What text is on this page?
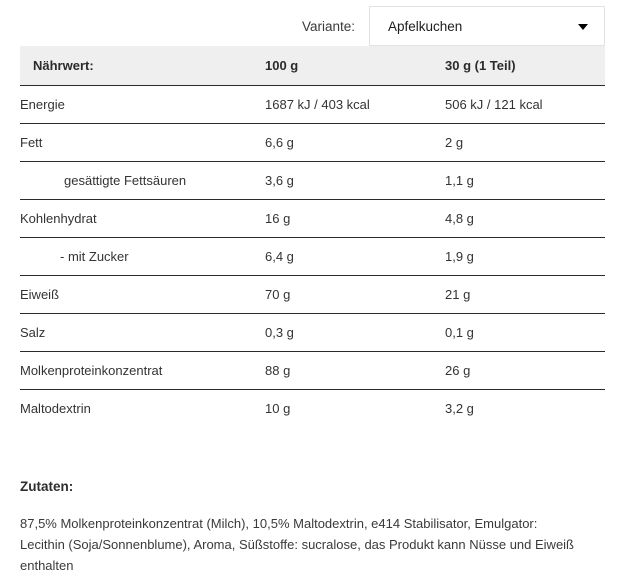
Variante:	Apfelkuchen
Nährwert:	100 g	30 g (1 Teil)
Energie	1687 kJ / 403 kcal	506 kJ / 121 kcal
Fett	6,6 g	2 g
gesättigte Fettsäuren	3,6 g	1,1 g
Kohlenhydrat	16 g	4,8 g
- mit Zucker	6,4 g	1,9 g
Eiweiß	70 g	21 g
Salz	0,3 g	0,1 g
Molkenproteinkonzentrat	88 g	26 g
Maltodextrin	10 g	3,2 g
Zutaten:

87,5% Molkenproteinkonzentrat (Milch), 10,5% Maltodextrin, e414 Stabilisator, Emulgator: Lecithin (Soja/Sonnenblume), Aroma, Süßstoffe: sucralose, das Produkt kann Nüsse und Eiweiß enthalten
